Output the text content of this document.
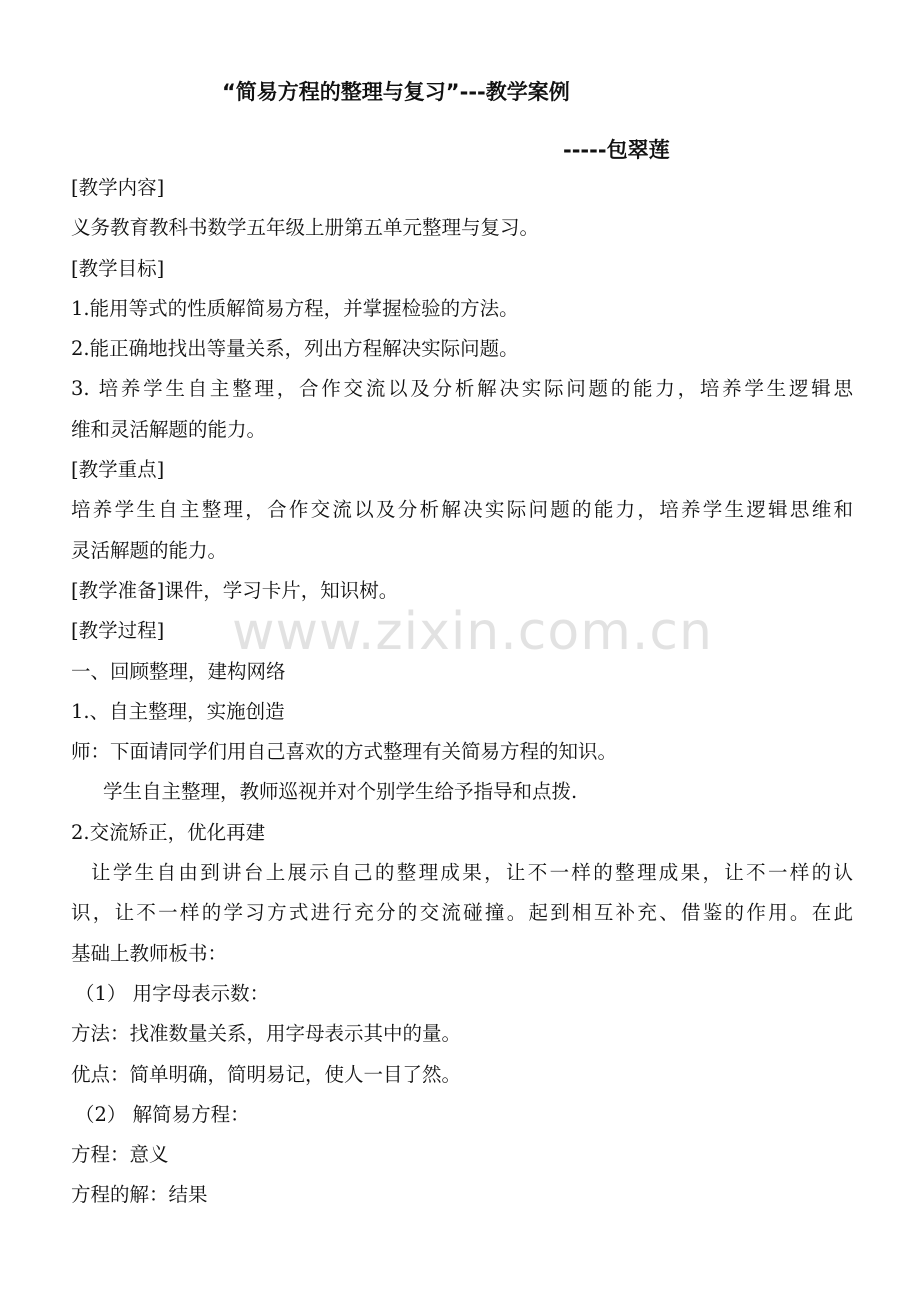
“简易方程的整理与复习”---教学案例
-----包翠莲
[教学内容]
义务教育教科书数学五年级上册第五单元整理与复习。
[教学目标]
1.能用等式的性质解简易方程，并掌握检验的方法。
2.能正确地找出等量关系，列出方程解决实际问题。
3. 培养学生自主整理，合作交流以及分析解决实际问题的能力，培养学生逻辑思
维和灵活解题的能力。
[教学重点]
培养学生自主整理，合作交流以及分析解决实际问题的能力，培养学生逻辑思维和
灵活解题的能力。
[教学准备]课件，学习卡片，知识树。
[教学过程]
一、回顾整理，建构网络
1.、自主整理，实施创造
师：下面请同学们用自己喜欢的方式整理有关简易方程的知识。
学生自主整理，教师巡视并对个别学生给予指导和点拨.
2.交流矫正，优化再建
让学生自由到讲台上展示自己的整理成果，让不一样的整理成果，让不一样的认
识，让不一样的学习方式进行充分的交流碰撞。起到相互补充、借鉴的作用。在此
基础上教师板书：
（1） 用字母表示数：
方法：找准数量关系，用字母表示其中的量。
优点：简单明确，简明易记，使人一目了然。
（2） 解简易方程：
方程：意义
方程的解：结果
www.zixin.com.cn
